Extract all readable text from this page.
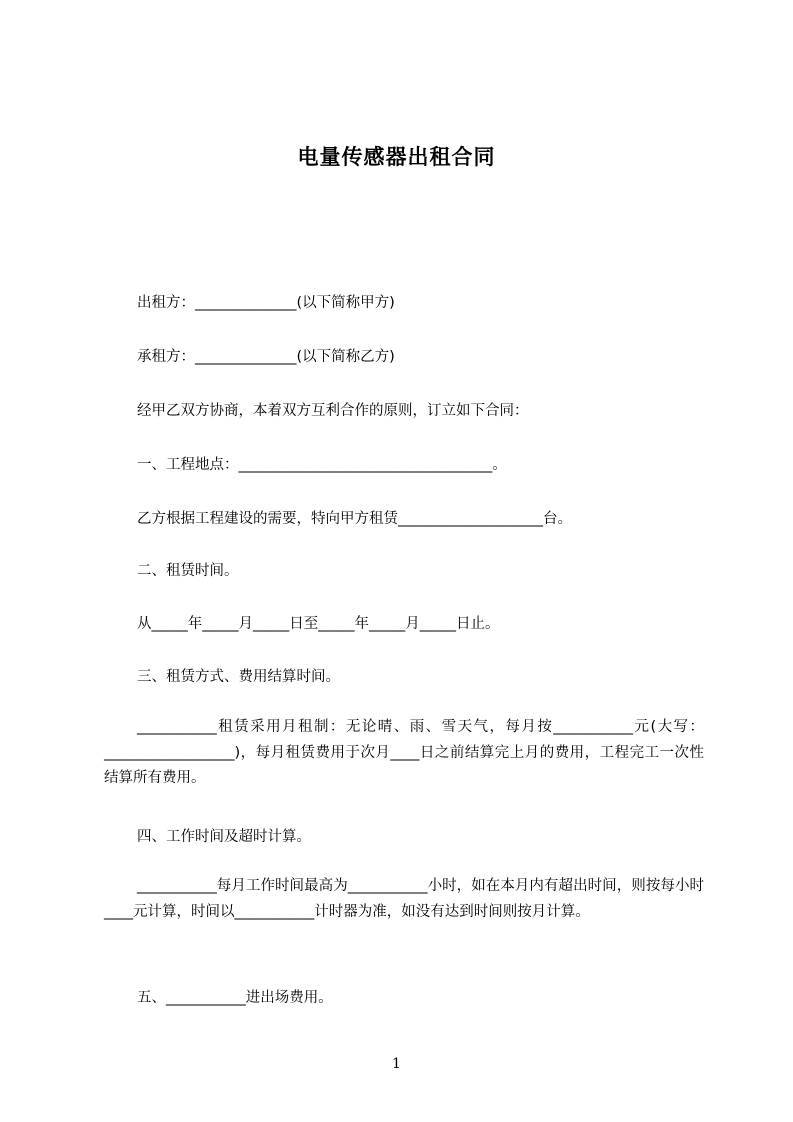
电量传感器出租合同
出租方：______________(以下简称甲方)
承租方：______________(以下简称乙方)
经甲乙双方协商，本着双方互利合作的原则，订立如下合同：
一、工程地点：___________________________________。
乙方根据工程建设的需要，特向甲方租赁____________________台。
二、租赁时间。
从_____年_____月_____日至_____年_____月_____日止。
三、租赁方式、费用结算时间。
___________租赁采用月租制：无论晴、雨、雪天气，每月按___________元(大写：__________________)，每月租赁费用于次月____日之前结算完上月的费用，工程完工一次性结算所有费用。
四、工作时间及超时计算。
___________每月工作时间最高为___________小时，如在本月内有超出时间，则按每小时____元计算，时间以___________计时器为准，如没有达到时间则按月计算。
五、___________进出场费用。
1
